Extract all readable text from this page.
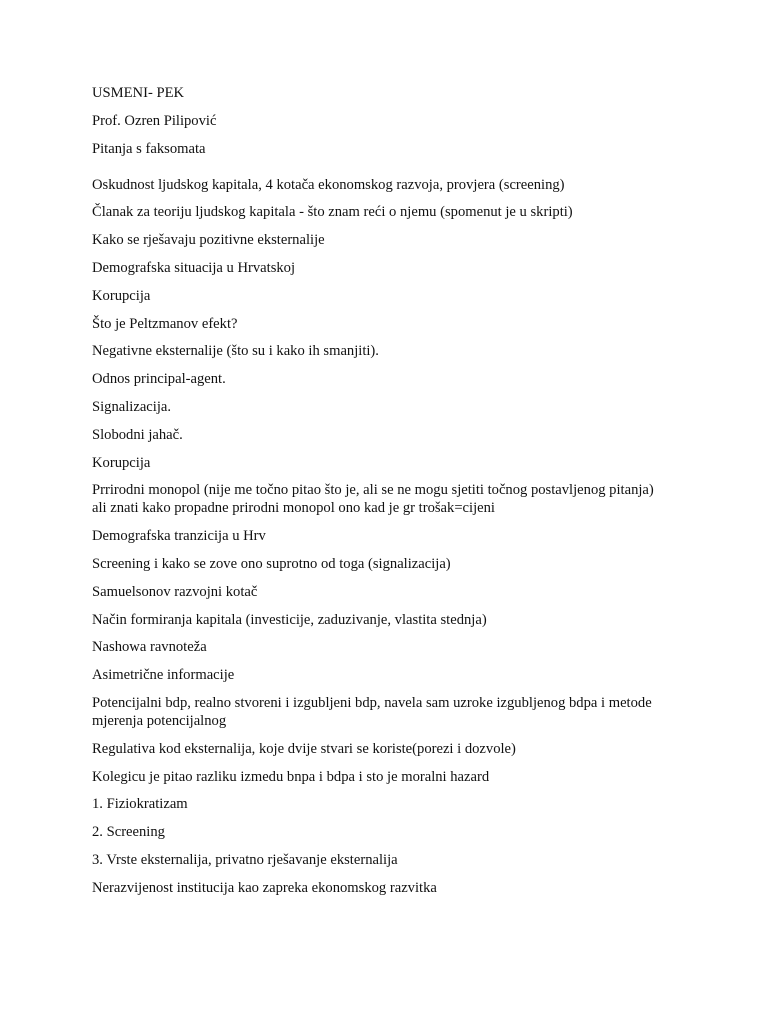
USMENI- PEK

Prof. Ozren Pilipović

Pitanja s faksomata

Oskudnost ljudskog kapitala, 4 kotača ekonomskog razvoja, provjera (screening)

Članak za teoriju ljudskog kapitala - što znam reći o njemu (spomenut je u skripti)

Kako se rješavaju pozitivne eksternalije

Demografska situacija u Hrvatskoj

Korupcija

Što je Peltzmanov efekt?

Negativne eksternalije (što su i kako ih smanjiti).

Odnos principal-agent.

Signalizacija.

Slobodni jahač.

Korupcija

Prrirodni monopol (nije me točno pitao što je, ali se ne mogu sjetiti točnog postavljenog pitanja) ali znati kako propadne prirodni monopol ono kad je gr trošak=cijeni

Demografska tranzicija u Hrv

Screening i kako se zove ono suprotno od toga (signalizacija)

Samuelsonov razvojni kotač

Način formiranja kapitala (investicije, zaduzivanje, vlastita stednja)

Nashowa ravnoteža

Asimetrične informacije

Potencijalni bdp, realno stvoreni i izgubljeni bdp, navela sam uzroke izgubljenog bdpa i metode mjerenja potencijalnog

Regulativa kod eksternalija, koje dvije stvari se koriste(porezi i dozvole)

Kolegicu je pitao razliku izmedu bnpa i bdpa i sto je moralni hazard

1. Fiziokratizam

2. Screening

3. Vrste eksternalija, privatno rješavanje eksternalija

Nerazvijenost institucija kao zapreka ekonomskog razvitka
